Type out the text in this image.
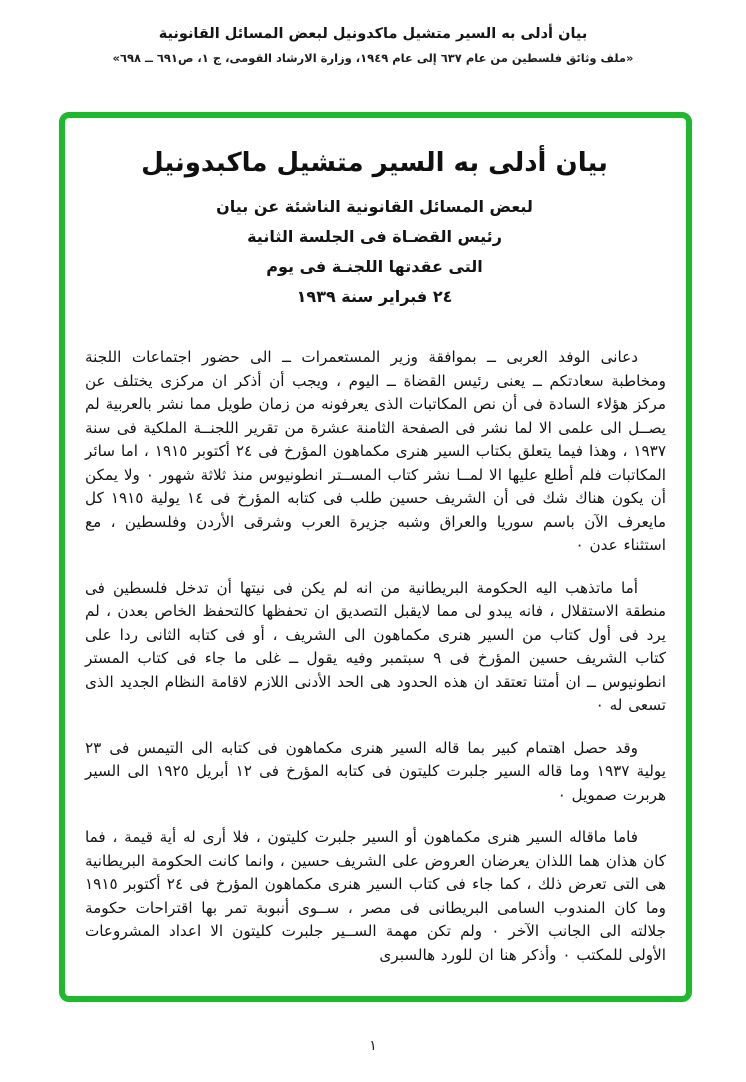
بيان أدلى به السير متشيل ماكدونيل لبعض المسائل القانونية
«ملف وثائق فلسطين من عام ٦٣٧ إلى عام ١٩٤٩، وزارة الارشاد القومى، ج ١، ص٦٩١ ــ ٦٩٨»
بيان أدلى به السير متشيل ماكبدونيل
لبعض المسائل القانونية الناشئة عن بيان
رئيس القضـاة فى الجلسة الثانية
التى عقدتها اللجنـة فى يوم
٢٤ فبراير سنة ١٩٣٩

دعانى الوفد العربى ــ بموافقة وزير المستعمرات ــ الى حضور اجتماعات اللجنة ومخاطبة سعادتكم ــ يعنى رئيس القضاة ــ اليوم ، ويجب أن أذكر ان مركزى يختلف عن مركز هؤلاء السادة فى أن نص المكاتبات الذى يعرفونه من زمان طويل مما نشر بالعربية لم يصــل الى علمى الا لما نشر فى الصفحة الثامنة عشرة من تقرير اللجنــة الملكية فى سنة ١٩٣٧ ، وهذا فيما يتعلق بكتاب السير هنرى مكماهون المؤرخ فى ٢٤ أكتوبر ١٩١٥ ، اما سائر المكاتبات فلم أطلع عليها الا لمــا نشر كتاب المســتر انطونيوس منذ ثلاثة شهور ٠ ولا يمكن أن يكون هناك شك فى أن الشريف حسين طلب فى كتابه المؤرخ فى ١٤ يولية ١٩١٥ كل مايعرف الآن باسم سوريا والعراق وشبه جزيرة العرب وشرقى الأردن وفلسطين ، مع استثناء عدن ٠

أما ماتذهب اليه الحكومة البريطانية من انه لم يكن فى نيتها أن تدخل فلسطين فى منطقة الاستقلال ، فانه يبدو لى مما لايقبل التصديق ان تحفظها كالتحفظ الخاص بعدن ، لم يرد فى أول كتاب من السير هنرى مكماهون الى الشريف ، أو فى كتابه الثانى ردا على كتاب الشريف حسين المؤرخ فى ٩ سبتمبر وفيه يقول ــ غلى ما جاء فى كتاب المستر انطونيوس ــ ان أمتنا تعتقد ان هذه الحدود هى الحد الأدنى اللازم لاقامة النظام الجديد الذى تسعى له ٠

وقد حصل اهتمام كبير بما قاله السير هنرى مكماهون فى كتابه الى التيمس فى ٢٣ يولية ١٩٣٧ وما قاله السير جلبرت كليتون فى كتابه المؤرخ فى ١٢ أبريل ١٩٢٥ الى السير هربرت صمويل ٠

فاما ماقاله السير هنرى مكماهون أو السير جلبرت كليتون ، فلا أرى له أية قيمة ، فما كان هذان هما اللذان يعرضان العروض على الشريف حسين ، وانما كانت الحكومة البريطانية هى التى تعرض ذلك ، كما جاء فى كتاب السير هنرى مكماهون المؤرخ فى ٢٤ أكتوبر ١٩١٥ وما كان المندوب السامى البريطانى فى مصر ، ســوى أنبوبة تمر بها اقتراحات حكومة جلالته الى الجانب الآخر ٠ ولم تكن مهمة الســير جلبرت كليتون الا اعداد المشروعات الأولى للمكتب ٠ وأذكر هنا ان للورد هالسبرى

١
